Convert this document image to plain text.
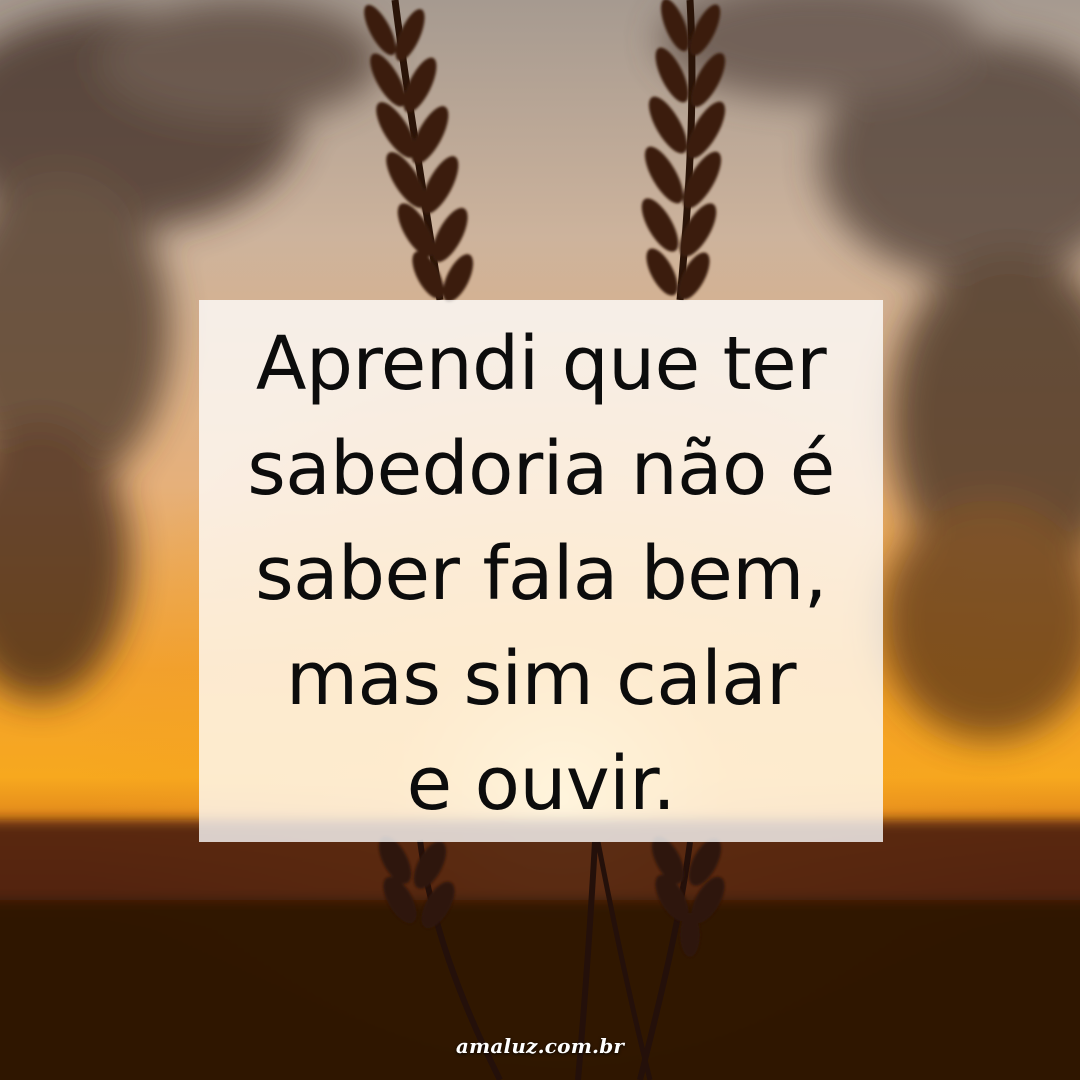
Aprendi que ter
sabedoria não é
saber fala bem,
mas sim calar
e ouvir.
amaluz.com.br
